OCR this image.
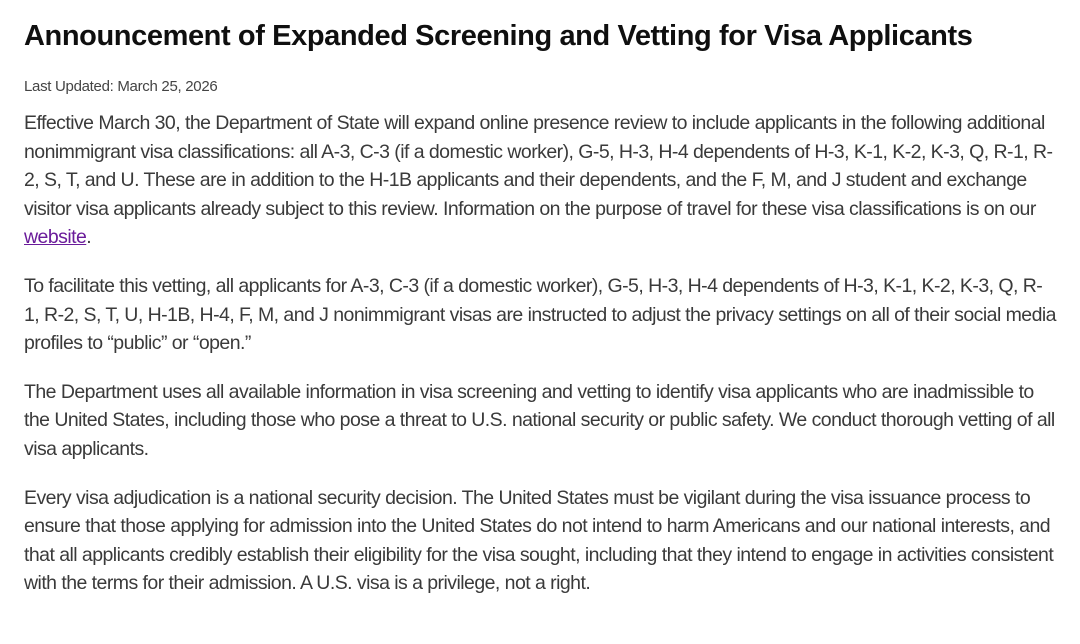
Announcement of Expanded Screening and Vetting for Visa Applicants

Last Updated: March 25, 2026

Effective March 30, the Department of State will expand online presence review to include applicants in the following additional nonimmigrant visa classifications: all A-3, C-3 (if a domestic worker), G-5, H-3, H-4 dependents of H-3, K-1, K-2, K-3, Q, R-1, R-2, S, T, and U. These are in addition to the H-1B applicants and their dependents, and the F, M, and J student and exchange visitor visa applicants already subject to this review. Information on the purpose of travel for these visa classifications is on our website.

To facilitate this vetting, all applicants for A-3, C-3 (if a domestic worker), G-5, H-3, H-4 dependents of H-3, K-1, K-2, K-3, Q, R-1, R-2, S, T, U, H-1B, H-4, F, M, and J nonimmigrant visas are instructed to adjust the privacy settings on all of their social media profiles to “public” or “open.”

The Department uses all available information in visa screening and vetting to identify visa applicants who are inadmissible to the United States, including those who pose a threat to U.S. national security or public safety. We conduct thorough vetting of all visa applicants.

Every visa adjudication is a national security decision. The United States must be vigilant during the visa issuance process to ensure that those applying for admission into the United States do not intend to harm Americans and our national interests, and that all applicants credibly establish their eligibility for the visa sought, including that they intend to engage in activities consistent with the terms for their admission. A U.S. visa is a privilege, not a right.
